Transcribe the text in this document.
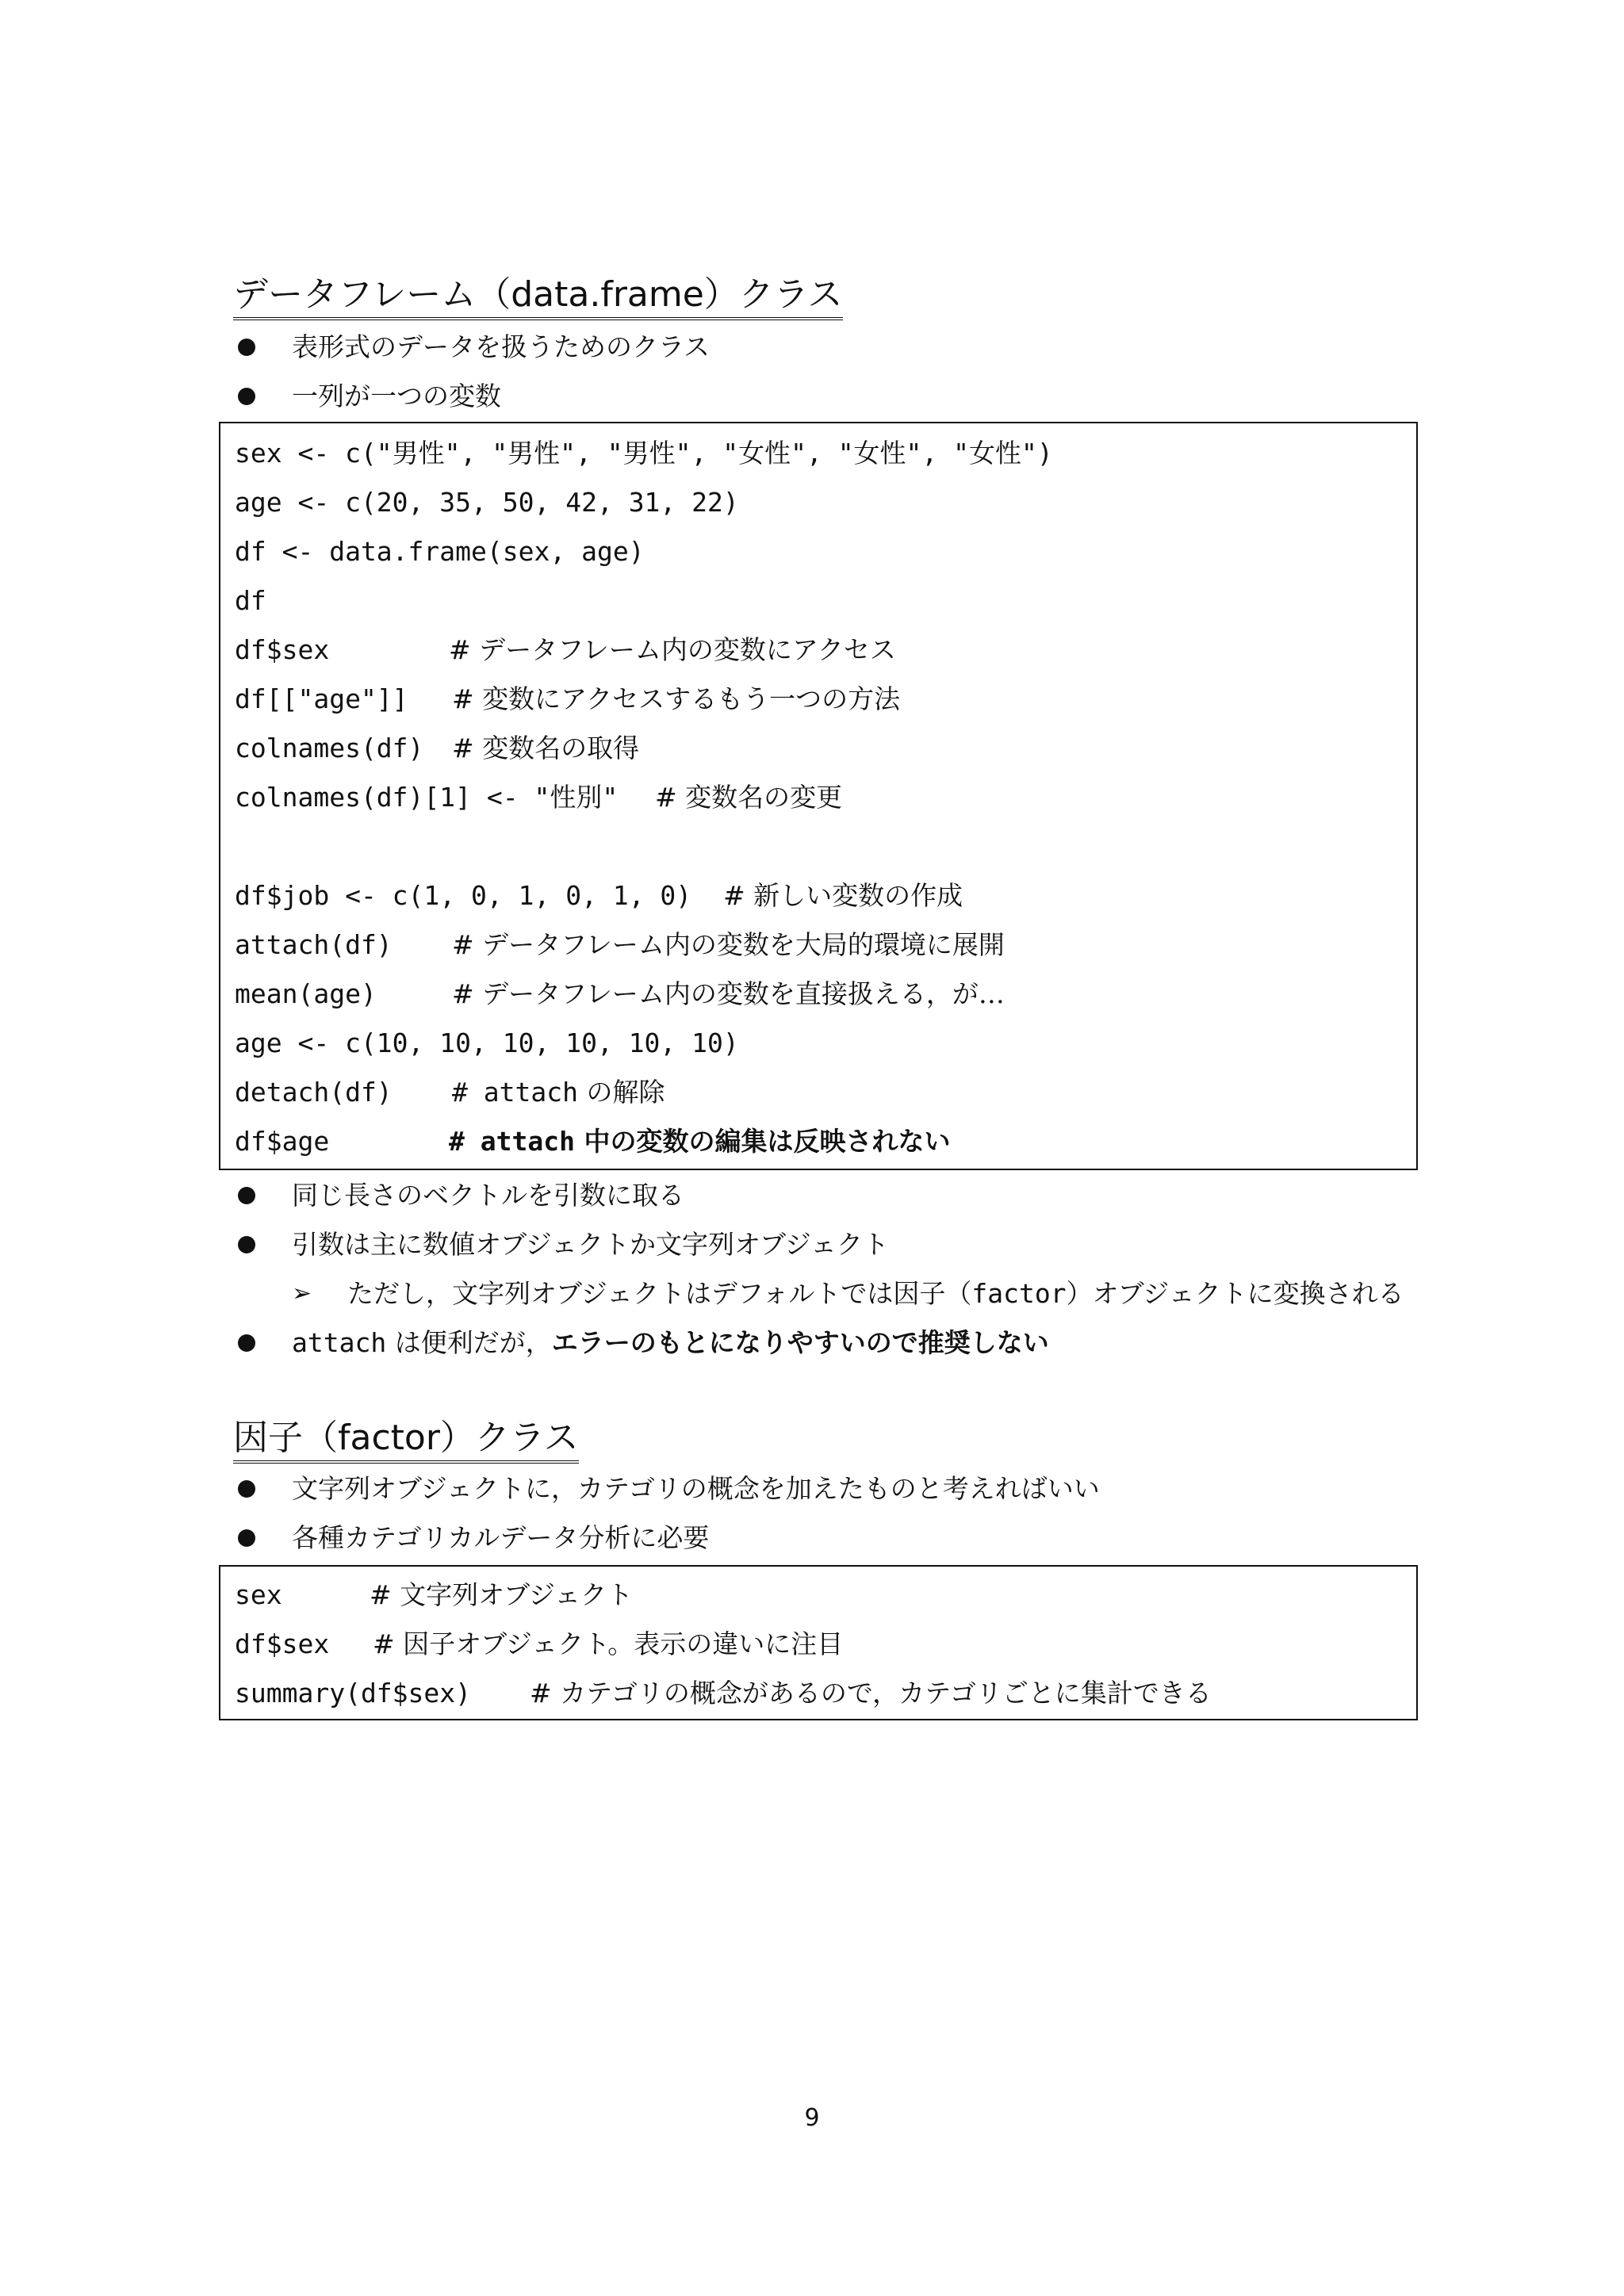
データフレーム（data.frame）クラス
表形式のデータを扱うためのクラス
一列が一つの変数
sex <- c("男性", "男性", "男性", "女性", "女性", "女性")
age <- c(20, 35, 50, 42, 31, 22)
df <- data.frame(sex, age)
df
df$sex	# データフレーム内の変数にアクセス
df[["age"]] # 変数にアクセスするもう一つの方法
colnames(df) # 変数名の取得
colnames(df)[1] <- "性別" # 変数名の変更
df$job <- c(1, 0, 1, 0, 1, 0) # 新しい変数の作成
attach(df) # データフレーム内の変数を大局的環境に展開
mean(age)	# データフレーム内の変数を直接扱える，が…
age <- c(10, 10, 10, 10, 10, 10)
detach(df) # attach の解除
df$age	# attach 中の変数の編集は反映されない
同じ長さのベクトルを引数に取る
引数は主に数値オブジェクトか文字列オブジェクト
➢ ただし，文字列オブジェクトはデフォルトでは因子（factor）オブジェクトに変換される
attach は便利だが，エラーのもとになりやすいので推奨しない
因子（factor）クラス
文字列オブジェクトに，カテゴリの概念を加えたものと考えればいい
各種カテゴリカルデータ分析に必要
sex	# 文字列オブジェクト
df$sex # 因子オブジェクト。表示の違いに注目
summary(df$sex) # カテゴリの概念があるので，カテゴリごとに集計できる
9
